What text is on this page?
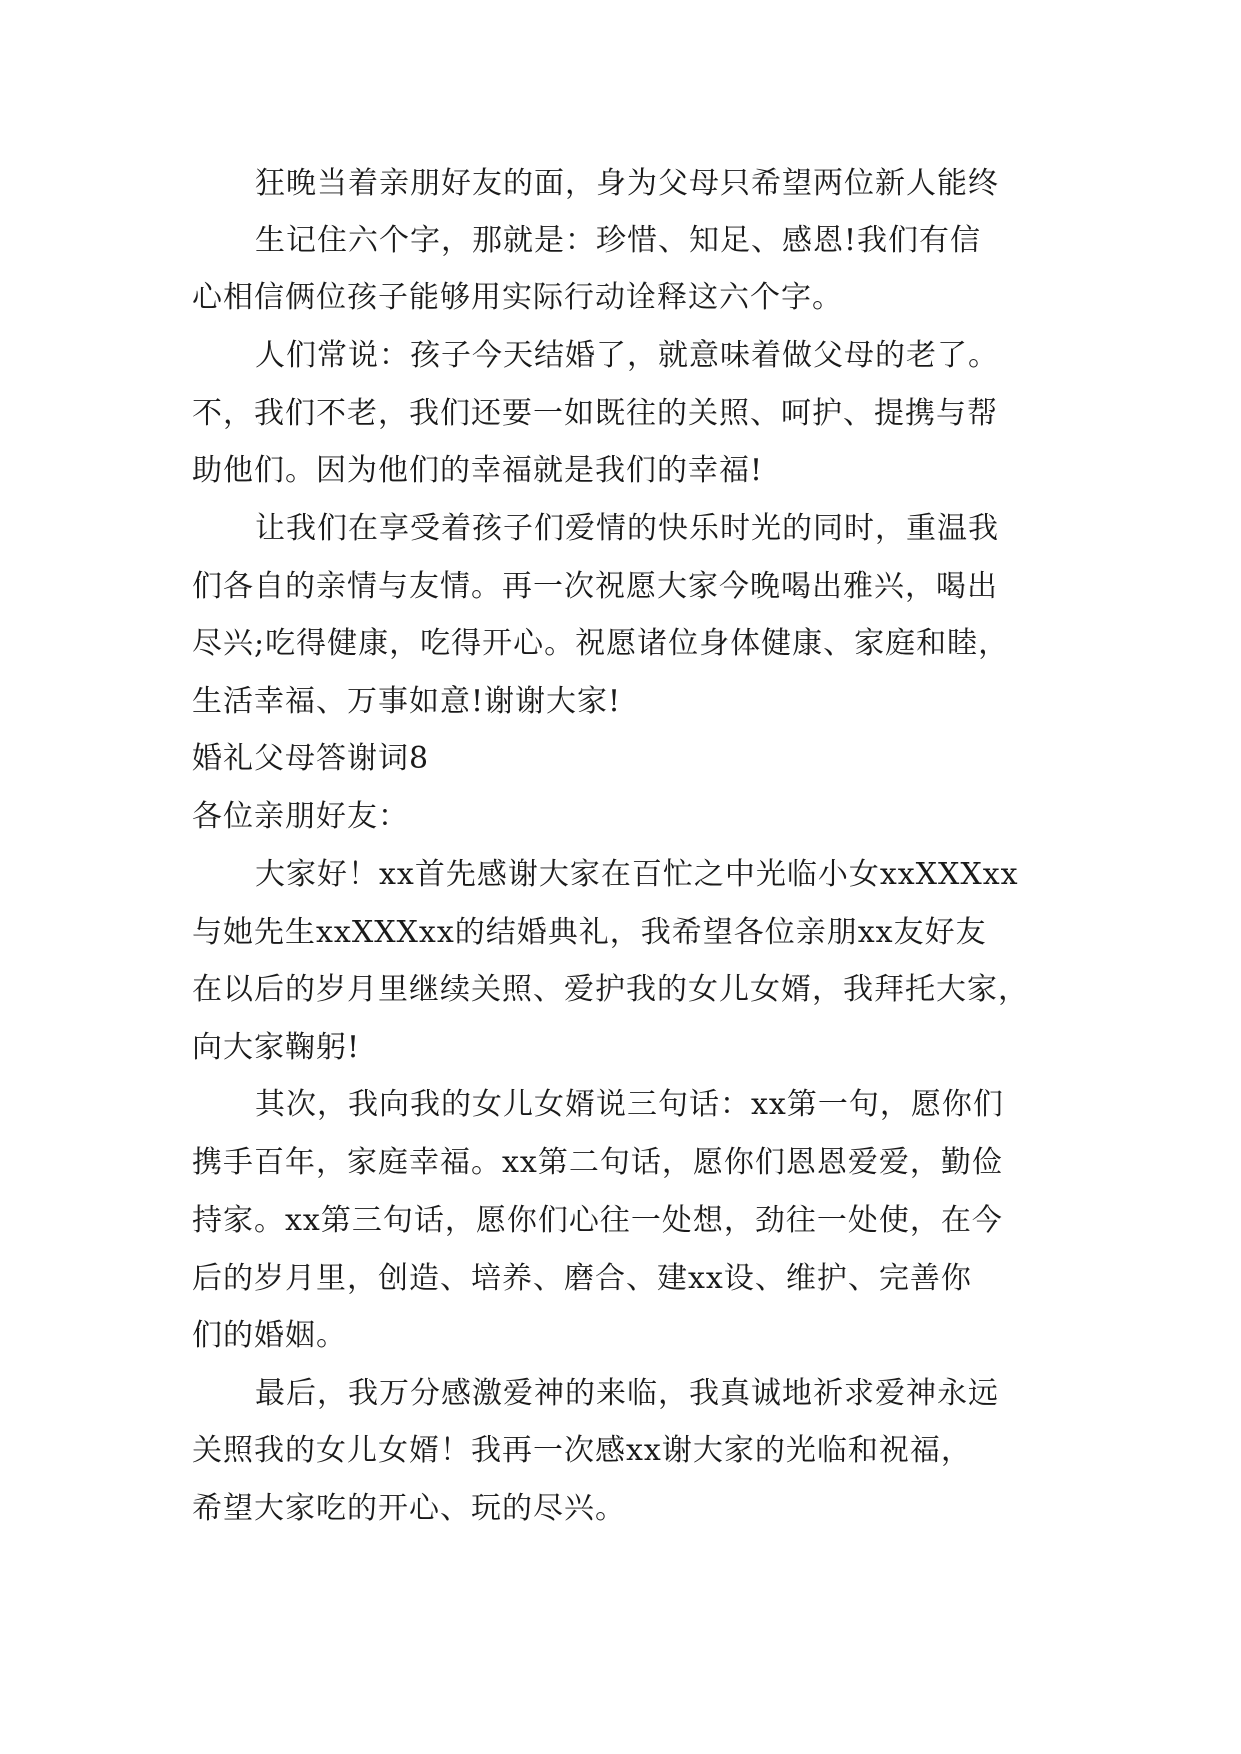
狂晚当着亲朋好友的面，身为父母只希望两位新人能终
生记住六个字，那就是：珍惜、知足、感恩!我们有信
心相信俩位孩子能够用实际行动诠释这六个字。
人们常说：孩子今天结婚了，就意味着做父母的老了。
不，我们不老，我们还要一如既往的关照、呵护、提携与帮
助他们。因为他们的幸福就是我们的幸福!
让我们在享受着孩子们爱情的快乐时光的同时，重温我
们各自的亲情与友情。再一次祝愿大家今晚喝出雅兴，喝出
尽兴;吃得健康，吃得开心。祝愿诸位身体健康、家庭和睦，
生活幸福、万事如意!谢谢大家!
婚礼父母答谢词8
各位亲朋好友：
大家好！xx首先感谢大家在百忙之中光临小女xxXXXxx
与她先生xxXXXxx的结婚典礼，我希望各位亲朋xx友好友
在以后的岁月里继续关照、爱护我的女儿女婿，我拜托大家，
向大家鞠躬!
其次，我向我的女儿女婿说三句话：xx第一句，愿你们
携手百年，家庭幸福。xx第二句话，愿你们恩恩爱爱，勤俭
持家。xx第三句话，愿你们心往一处想，劲往一处使，在今
后的岁月里，创造、培养、磨合、建xx设、维护、完善你
们的婚姻。
最后，我万分感激爱神的来临，我真诚地祈求爱神永远
关照我的女儿女婿！我再一次感xx谢大家的光临和祝福，
希望大家吃的开心、玩的尽兴。
